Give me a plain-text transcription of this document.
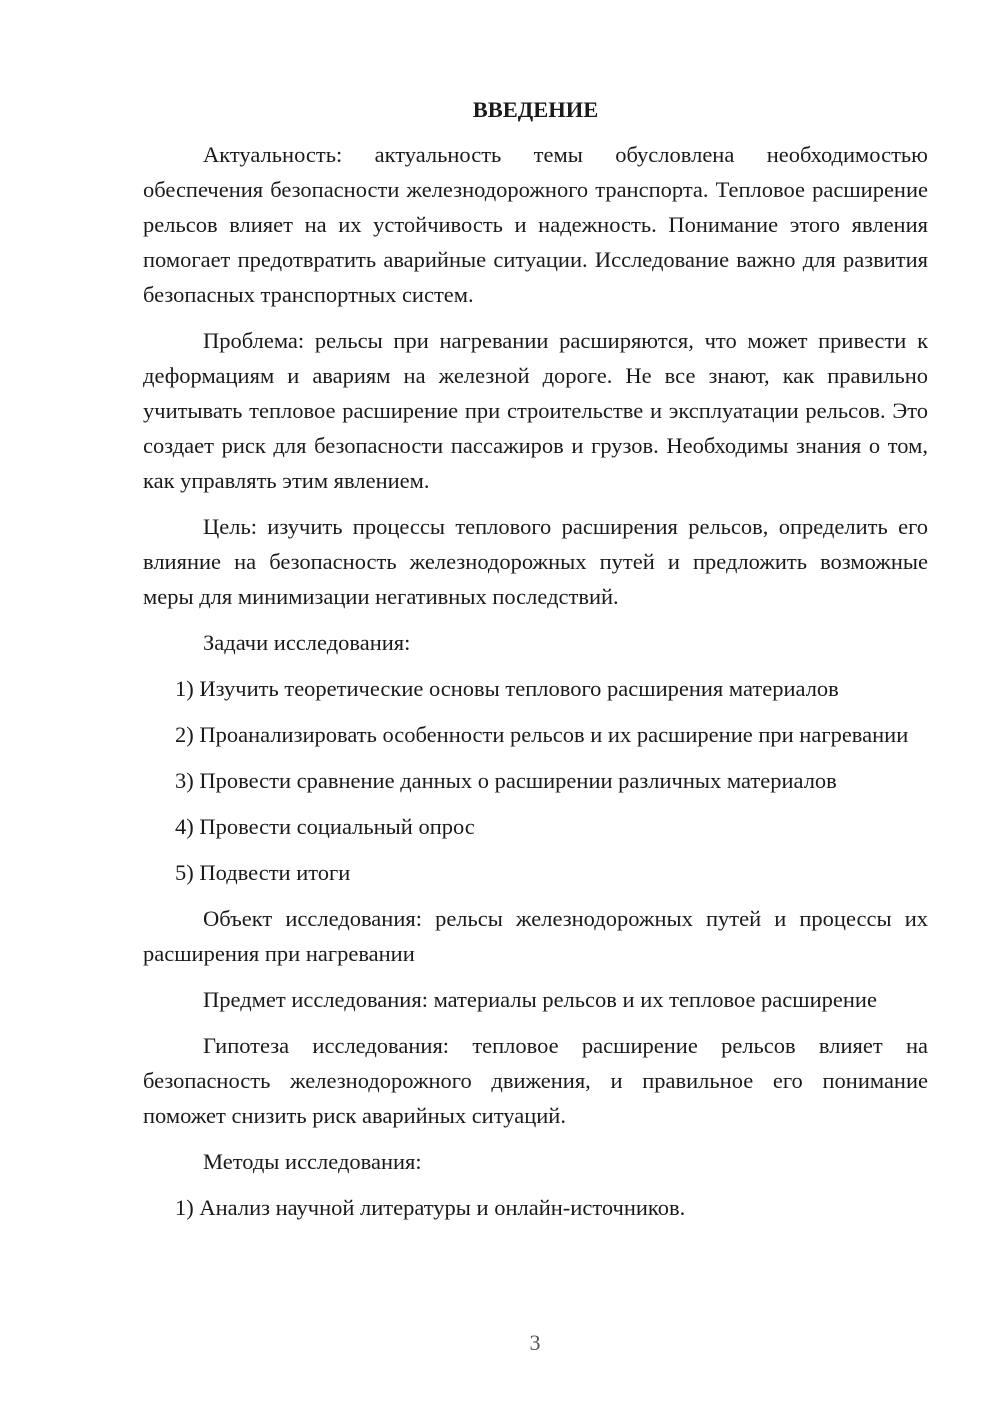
ВВЕДЕНИЕ

Актуальность: актуальность темы обусловлена необходимостью обеспечения безопасности железнодорожного транспорта. Тепловое расширение рельсов влияет на их устойчивость и надежность. Понимание этого явления помогает предотвратить аварийные ситуации. Исследование важно для развития безопасных транспортных систем.

Проблема: рельсы при нагревании расширяются, что может привести к деформациям и авариям на железной дороге. Не все знают, как правильно учитывать тепловое расширение при строительстве и эксплуатации рельсов. Это создает риск для безопасности пассажиров и грузов. Необходимы знания о том, как управлять этим явлением.

Цель: изучить процессы теплового расширения рельсов, определить его влияние на безопасность железнодорожных путей и предложить возможные меры для минимизации негативных последствий.

Задачи исследования:

1) Изучить теоретические основы теплового расширения материалов

2) Проанализировать особенности рельсов и их расширение при нагревании

3) Провести сравнение данных о расширении различных материалов

4) Провести социальный опрос

5) Подвести итоги

Объект исследования: рельсы железнодорожных путей и процессы их расширения при нагревании

Предмет исследования: материалы рельсов и их тепловое расширение

Гипотеза исследования: тепловое расширение рельсов влияет на безопасность железнодорожного движения, и правильное его понимание поможет снизить риск аварийных ситуаций.

Методы исследования:

1) Анализ научной литературы и онлайн-источников.

3
